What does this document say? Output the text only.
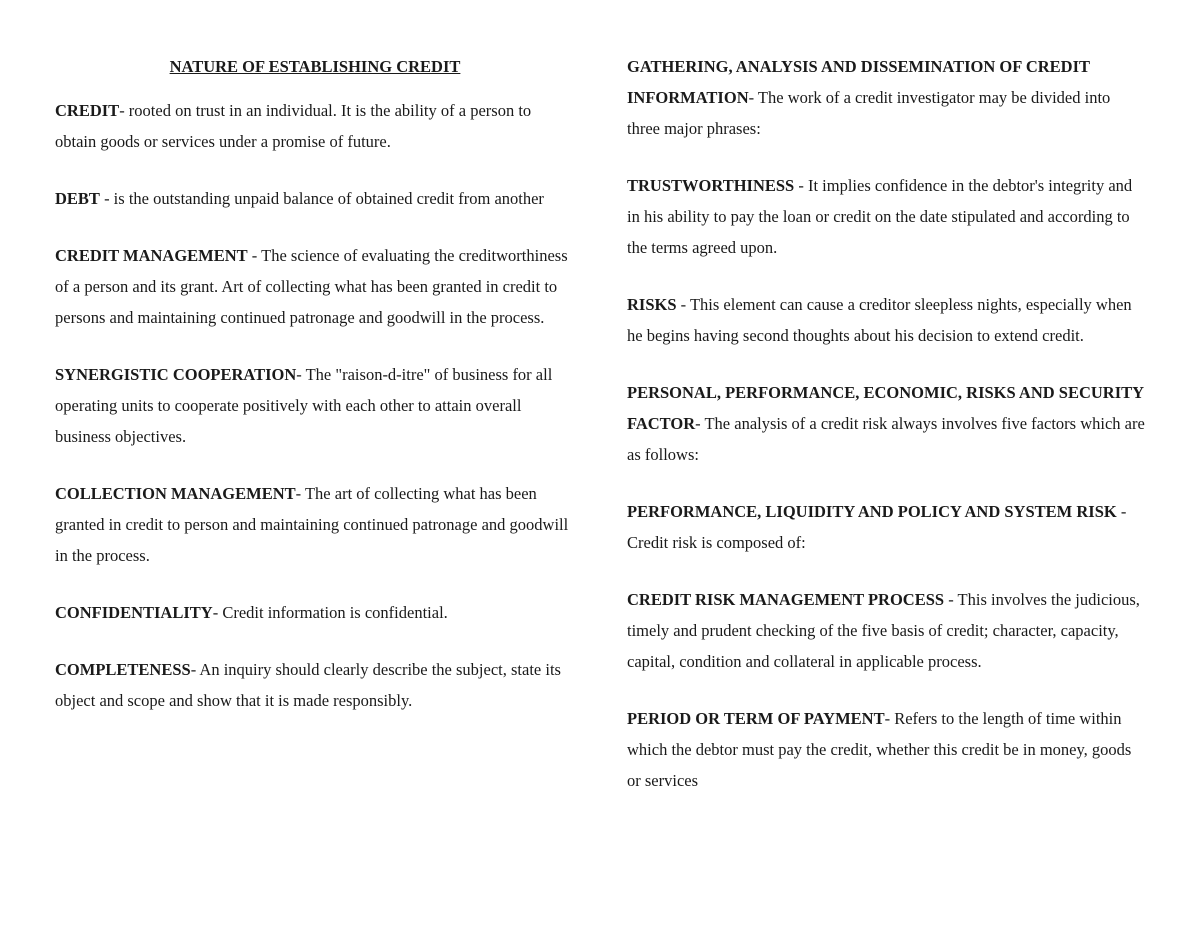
NATURE OF ESTABLISHING CREDIT

CREDIT- rooted on trust in an individual. It is the ability of a person to obtain goods or services under a promise of future.

DEBT - is the outstanding unpaid balance of obtained credit from another

CREDIT MANAGEMENT - The science of evaluating the creditworthiness of a person and its grant. Art of collecting what has been granted in credit to persons and maintaining continued patronage and goodwill in the process.

SYNERGISTIC COOPERATION- The "raison-d-itre" of business for all operating units to cooperate positively with each other to attain overall business objectives.

COLLECTION MANAGEMENT- The art of collecting what has been granted in credit to person and maintaining continued patronage and goodwill in the process.

CONFIDENTIALITY- Credit information is confidential.

COMPLETENESS- An inquiry should clearly describe the subject, state its object and scope and show that it is made responsibly.

GATHERING, ANALYSIS AND DISSEMINATION OF CREDIT INFORMATION- The work of a credit investigator may be divided into three major phrases:

TRUSTWORTHINESS - It implies confidence in the debtor's integrity and in his ability to pay the loan or credit on the date stipulated and according to the terms agreed upon.

RISKS - This element can cause a creditor sleepless nights, especially when he begins having second thoughts about his decision to extend credit.

PERSONAL, PERFORMANCE, ECONOMIC, RISKS AND SECURITY FACTOR- The analysis of a credit risk always involves five factors which are as follows:

PERFORMANCE, LIQUIDITY AND POLICY AND SYSTEM RISK - Credit risk is composed of:

CREDIT RISK MANAGEMENT PROCESS - This involves the judicious, timely and prudent checking of the five basis of credit; character, capacity, capital, condition and collateral in applicable process.

PERIOD OR TERM OF PAYMENT- Refers to the length of time within which the debtor must pay the credit, whether this credit be in money, goods or services
